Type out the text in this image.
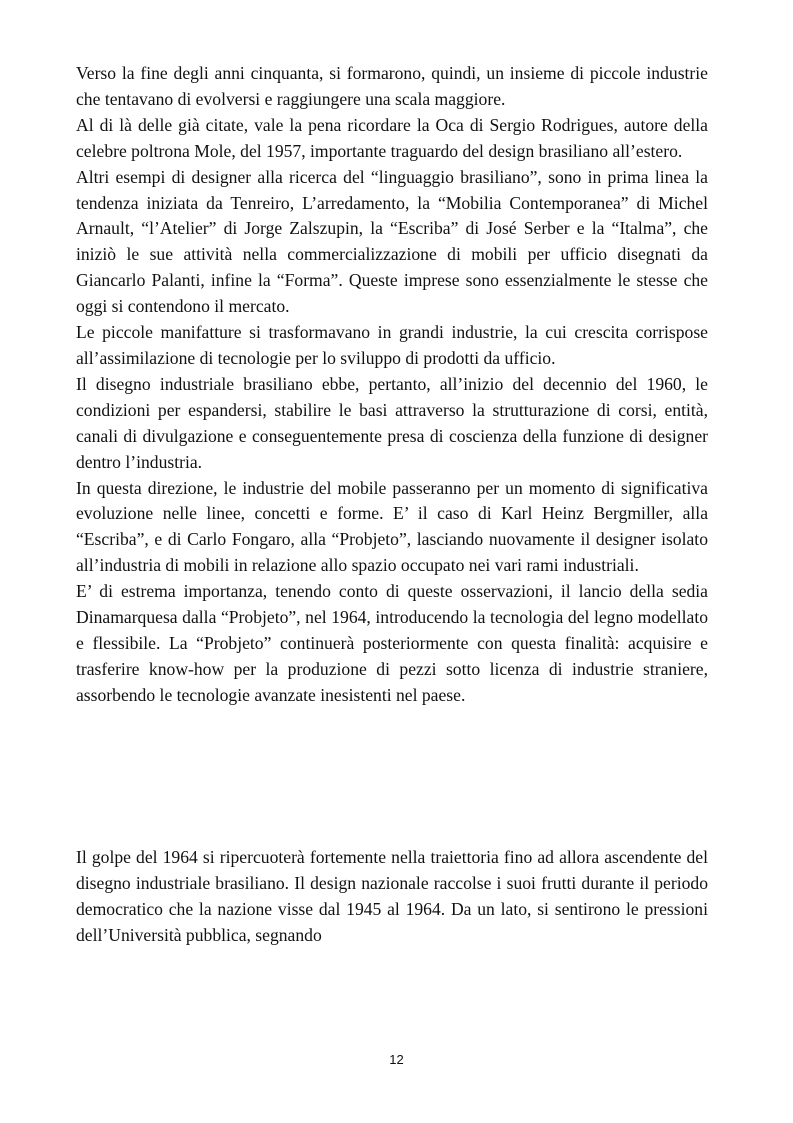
Verso la fine degli anni cinquanta, si formarono, quindi, un insieme di piccole industrie che tentavano di evolversi e raggiungere una scala maggiore.

Al di là delle già citate, vale la pena ricordare la Oca di Sergio Rodrigues, autore della celebre poltrona Mole, del 1957, importante traguardo del design brasiliano all’estero.

Altri esempi di designer alla ricerca del “linguaggio brasiliano”, sono in prima linea la tendenza iniziata da Tenreiro, L’arredamento, la “Mobilia Contemporanea” di Michel Arnault, “l’Atelier” di Jorge Zalszupin, la “Escriba” di José Serber e la “Italma”, che iniziò le sue attività nella commercializzazione di mobili per ufficio disegnati da Giancarlo Palanti, infine la “Forma”. Queste imprese sono essenzialmente le stesse che oggi si contendono il mercato.

Le piccole manifatture si trasformavano in grandi industrie, la cui crescita corrispose all’assimilazione di tecnologie per lo sviluppo di prodotti da ufficio.

Il disegno industriale brasiliano ebbe, pertanto, all’inizio del decennio del 1960, le condizioni per espandersi, stabilire le basi attraverso la strutturazione di corsi, entità, canali di divulgazione e conseguentemente presa di coscienza della funzione di designer dentro l’industria.

In questa direzione, le industrie del mobile passeranno per un momento di significativa evoluzione nelle linee, concetti e forme. E’ il caso di Karl Heinz Bergmiller, alla “Escriba”, e di Carlo Fongaro, alla “Probjeto”, lasciando nuovamente il designer isolato all’industria di mobili in relazione allo spazio occupato nei vari rami industriali.

E’ di estrema importanza, tenendo conto di queste osservazioni, il lancio della sedia Dinamarquesa dalla “Probjeto”, nel 1964, introducendo la tecnologia del legno modellato e flessibile. La “Probjeto” continuerà posteriormente con questa finalità: acquisire e trasferire know-how per la produzione di pezzi sotto licenza di industrie straniere, assorbendo le tecnologie avanzate inesistenti nel paese.

Il golpe del 1964 si ripercuoterà fortemente nella traiettoria fino ad allora ascendente del disegno industriale brasiliano. Il design nazionale raccolse i suoi frutti durante il periodo democratico che la nazione visse dal 1945 al 1964. Da un lato, si sentirono le pressioni dell’Università pubblica, segnando

12
